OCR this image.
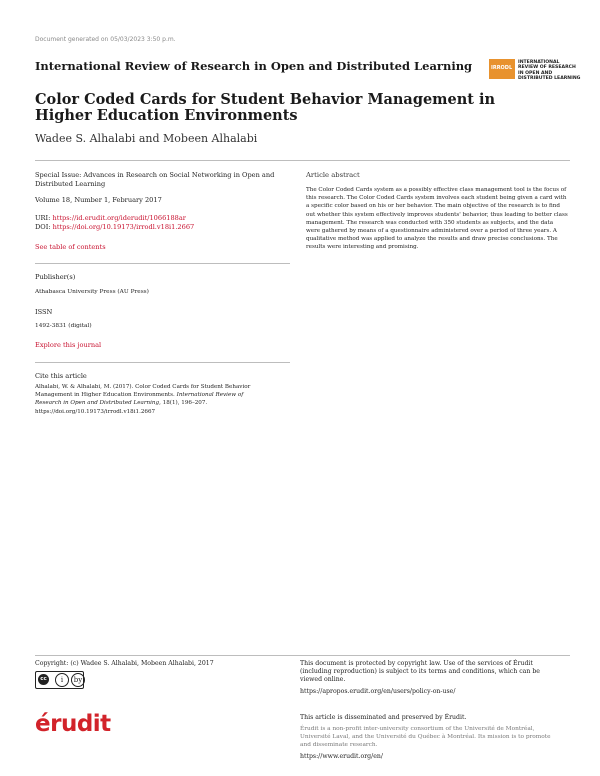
Document generated on 05/03/2023 3:50 p.m.
International Review of Research in Open and Distributed Learning	IRRODL
INTERNATIONAL
REVIEW OF RESEARCH
IN OPEN AND
DISTRIBUTED LEARNING
Color Coded Cards for Student Behavior Management in Higher Education Environments
Wadee S. Alhalabi and Mobeen Alhalabi
Special Issue: Advances in Research on Social Networking in Open and Distributed Learning
Volume 18, Number 1, February 2017
URI: https://id.erudit.org/iderudit/1066188ar
DOI: https://doi.org/10.19173/irrodl.v18i1.2667
See table of contents
Publisher(s)
Athabasca University Press (AU Press)
ISSN
1492-3831 (digital)
Explore this journal
Cite this article
Alhalabi, W. & Alhalabi, M. (2017). Color Coded Cards for Student Behavior
Management in Higher Education Environments. International Review of
Research in Open and Distributed Learning, 18(1), 196–207.
https://doi.org/10.19173/irrodl.v18i1.2667
Article abstract
The Color Coded Cards system as a possibly effective class management tool is the focus of this research. The Color Coded Cards system involves each student being given a card with a specific color based on his or her behavior. The main objective of the research is to find out whether this system effectively improves students' behavior, thus leading to better class management. The research was conducted with 350 students as subjects, and the data were gathered by means of a questionnaire administered over a period of three years. A qualitative method was applied to analyze the results and draw precise conclusions. The results were interesting and promising.
Copyright: (c) Wadee S. Alhalabi, Mobeen Alhalabi, 2017
cc	i	by
This document is protected by copyright law. Use of the services of Érudit (including reproduction) is subject to its terms and conditions, which can be viewed online.
https://apropos.erudit.org/en/users/policy-on-use/
érudit	This article is disseminated and preserved by Érudit.
Érudit is a non-profit inter-university consortium of the Université de Montréal, Université Laval, and the Université du Québec à Montréal. Its mission is to promote and disseminate research.
https://www.erudit.org/en/
